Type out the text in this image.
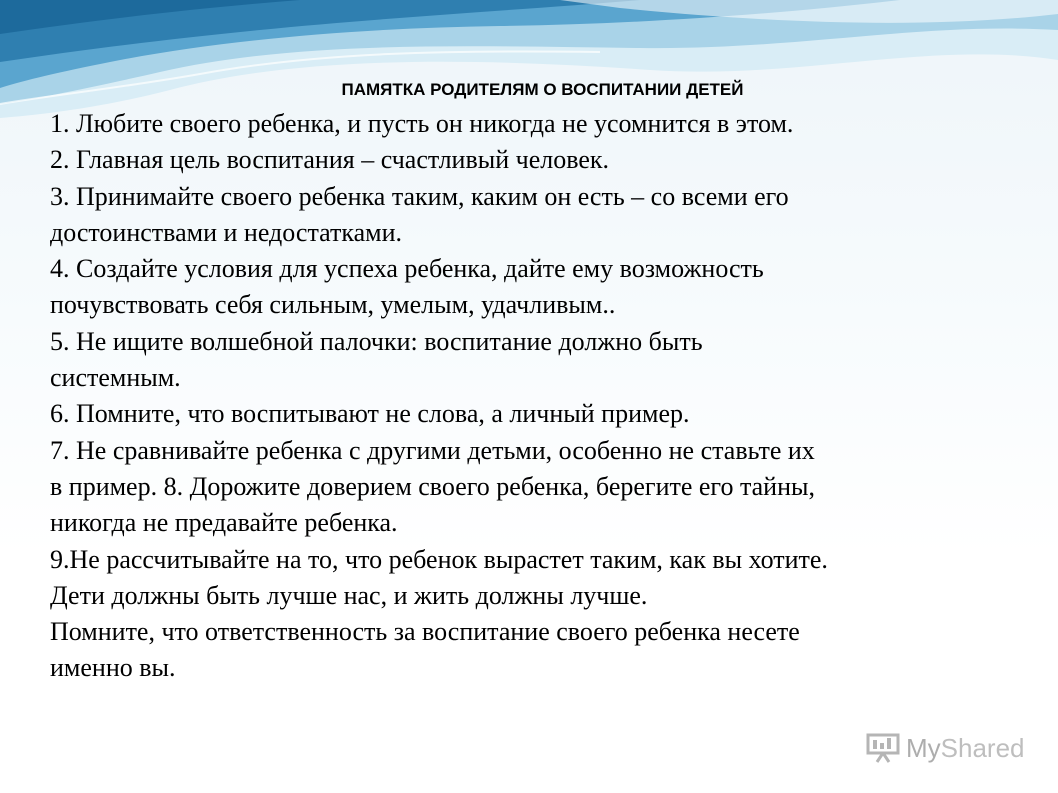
ПАМЯТКА РОДИТЕЛЯМ О ВОСПИТАНИИ ДЕТЕЙ

1. Любите своего ребенка, и пусть он никогда не усомнится в этом.

2. Главная цель воспитания – счастливый человек.

3. Принимайте своего ребенка таким, каким он есть – со всеми его

достоинствами и недостатками.

4. Создайте условия для успеха ребенка, дайте ему возможность

почувствовать себя сильным, умелым, удачливым..

5. Не ищите волшебной палочки: воспитание должно быть

системным.

6. Помните, что воспитывают не слова, а личный пример.

7. Не сравнивайте ребенка с другими детьми, особенно не ставьте их

в пример. 8. Дорожите доверием своего ребенка, берегите его тайны,

никогда не предавайте ребенка.

9.Не рассчитывайте на то, что ребенок вырастет таким, как вы хотите.

Дети должны быть лучше нас, и жить должны лучше.

Помните, что ответственность за воспитание своего ребенка несете

именно вы.

MyShared
